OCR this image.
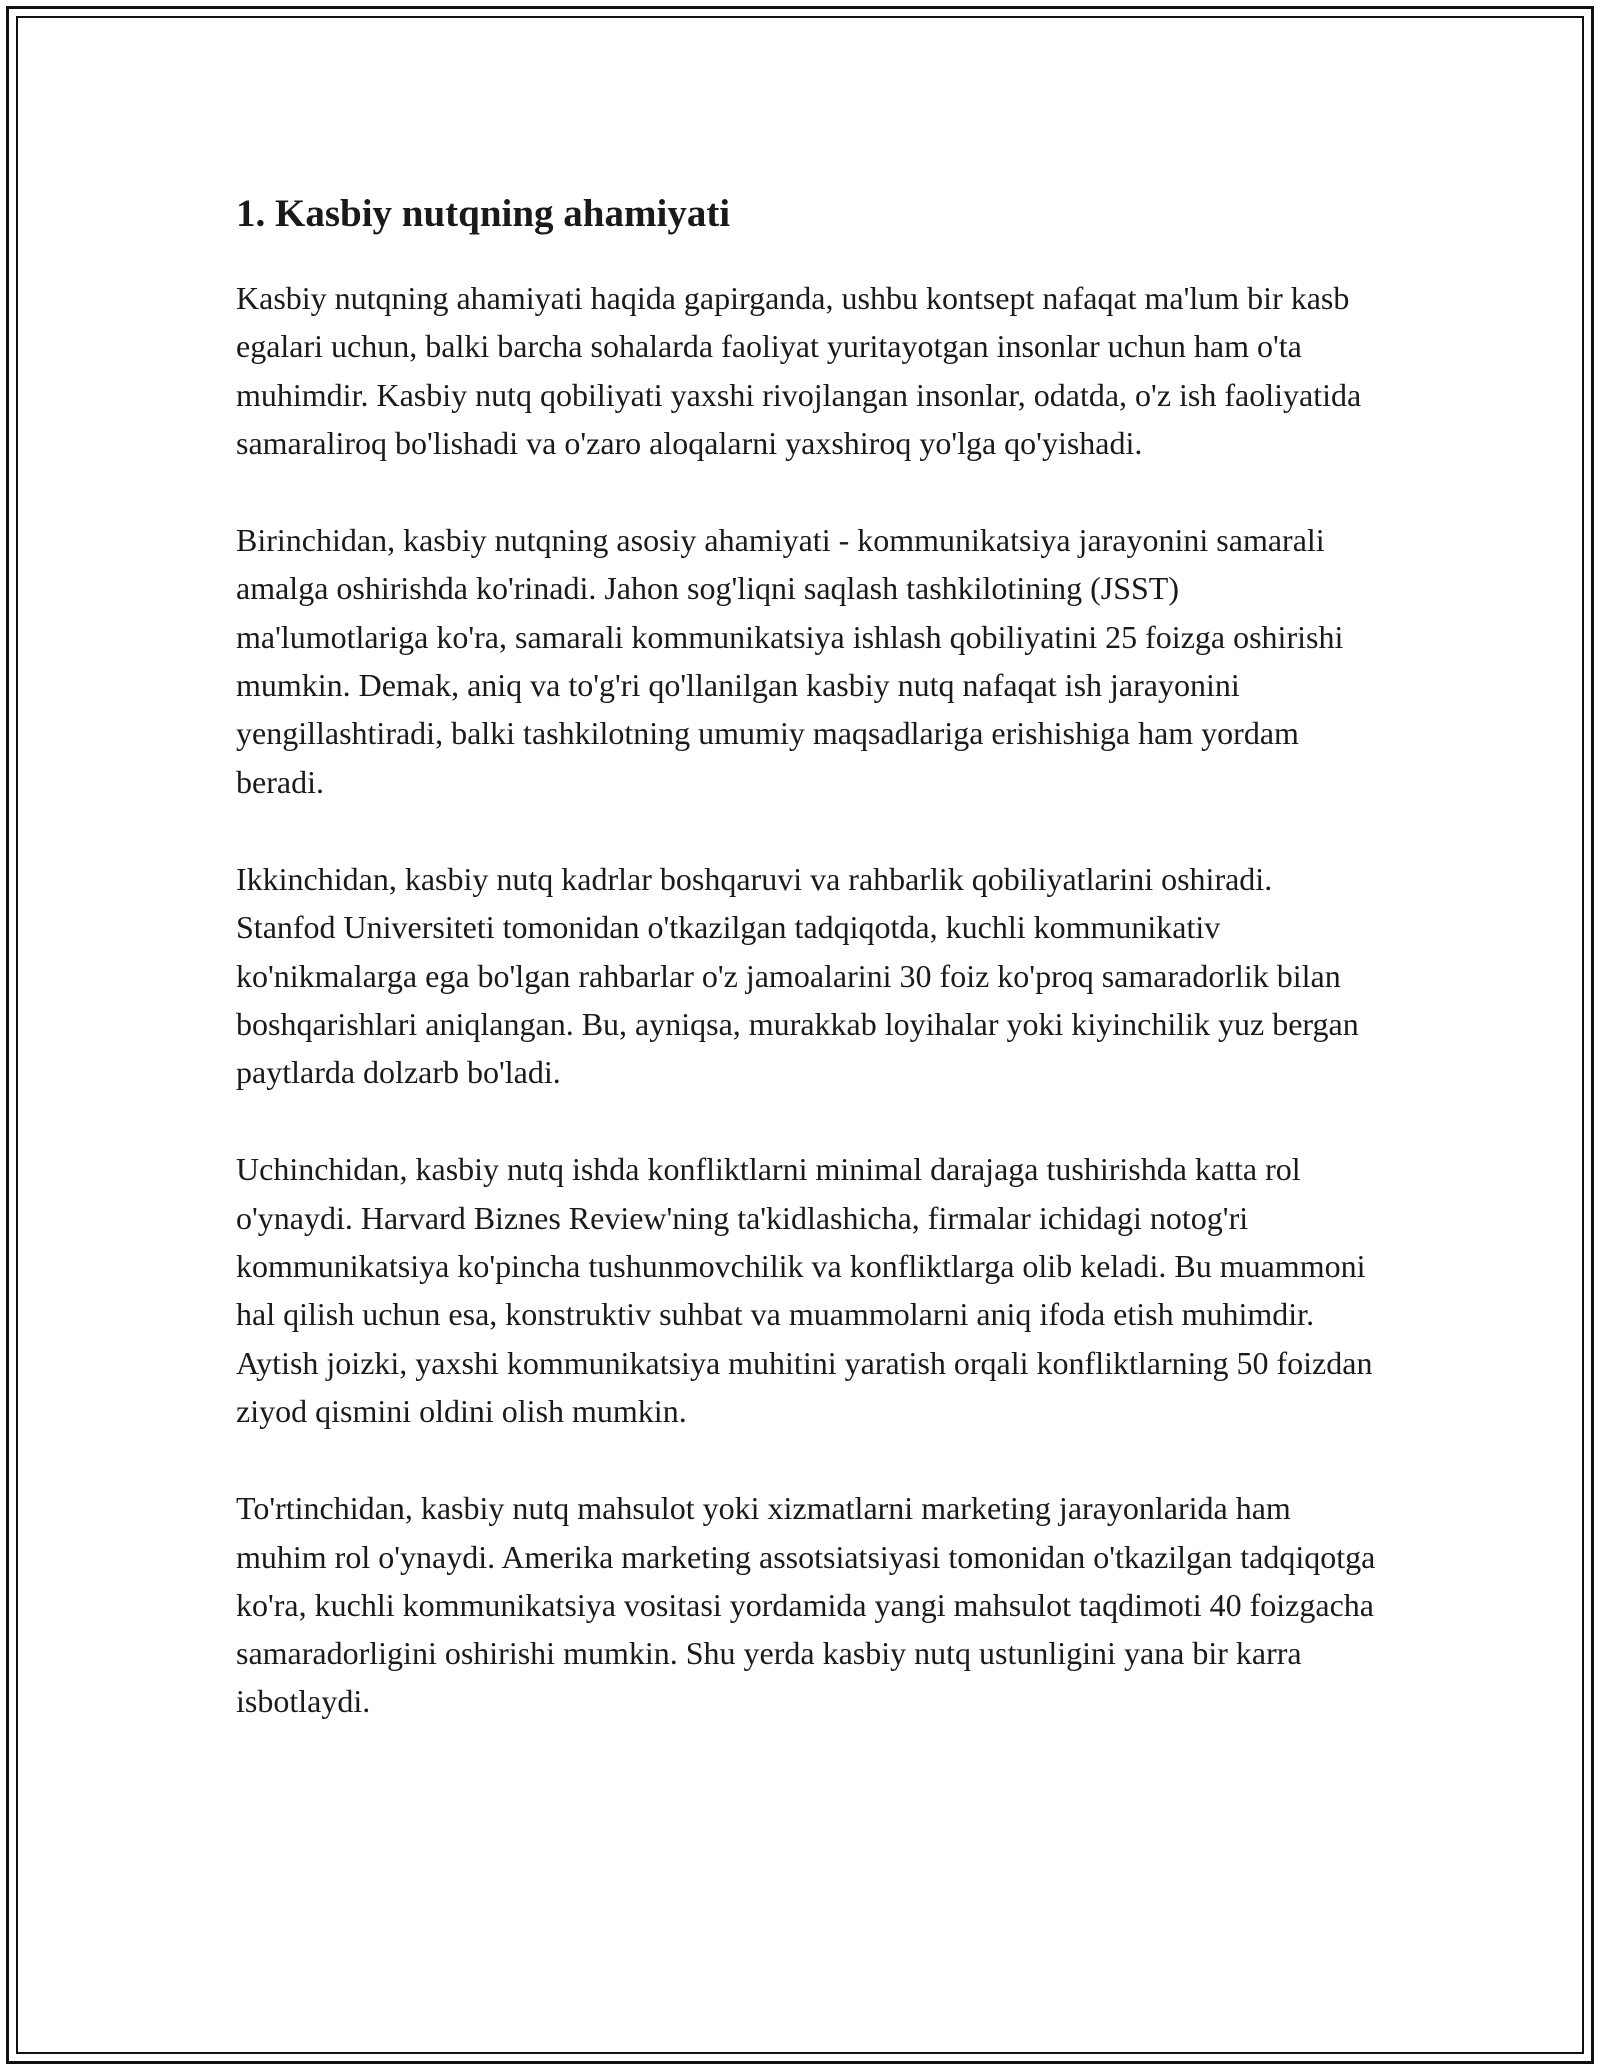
1. Kasbiy nutqning ahamiyati

Kasbiy nutqning ahamiyati haqida gapirganda, ushbu kontsept nafaqat ma'lum bir kasb egalari uchun, balki barcha sohalarda faoliyat yuritayotgan insonlar uchun ham o'ta muhimdir. Kasbiy nutq qobiliyati yaxshi rivojlangan insonlar, odatda, o'z ish faoliyatida samaraliroq bo'lishadi va o'zaro aloqalarni yaxshiroq yo'lga qo'yishadi.

Birinchidan, kasbiy nutqning asosiy ahamiyati - kommunikatsiya jarayonini samarali amalga oshirishda ko'rinadi. Jahon sog'liqni saqlash tashkilotining (JSST) ma'lumotlariga ko'ra, samarali kommunikatsiya ishlash qobiliyatini 25 foizga oshirishi mumkin. Demak, aniq va to'g'ri qo'llanilgan kasbiy nutq nafaqat ish jarayonini yengillashtiradi, balki tashkilotning umumiy maqsadlariga erishishiga ham yordam beradi.

Ikkinchidan, kasbiy nutq kadrlar boshqaruvi va rahbarlik qobiliyatlarini oshiradi. Stanfod Universiteti tomonidan o'tkazilgan tadqiqotda, kuchli kommunikativ ko'nikmalarga ega bo'lgan rahbarlar o'z jamoalarini 30 foiz ko'proq samaradorlik bilan boshqarishlari aniqlangan. Bu, ayniqsa, murakkab loyihalar yoki kiyinchilik yuz bergan paytlarda dolzarb bo'ladi.

Uchinchidan, kasbiy nutq ishda konfliktlarni minimal darajaga tushirishda katta rol o'ynaydi. Harvard Biznes Review'ning ta'kidlashicha, firmalar ichidagi notog'ri kommunikatsiya ko'pincha tushunmovchilik va konfliktlarga olib keladi. Bu muammoni hal qilish uchun esa, konstruktiv suhbat va muammolarni aniq ifoda etish muhimdir. Aytish joizki, yaxshi kommunikatsiya muhitini yaratish orqali konfliktlarning 50 foizdan ziyod qismini oldini olish mumkin.

To'rtinchidan, kasbiy nutq mahsulot yoki xizmatlarni marketing jarayonlarida ham muhim rol o'ynaydi. Amerika marketing assotsiatsiyasi tomonidan o'tkazilgan tadqiqotga ko'ra, kuchli kommunikatsiya vositasi yordamida yangi mahsulot taqdimoti 40 foizgacha samaradorligini oshirishi mumkin. Shu yerda kasbiy nutq ustunligini yana bir karra isbotlaydi.
